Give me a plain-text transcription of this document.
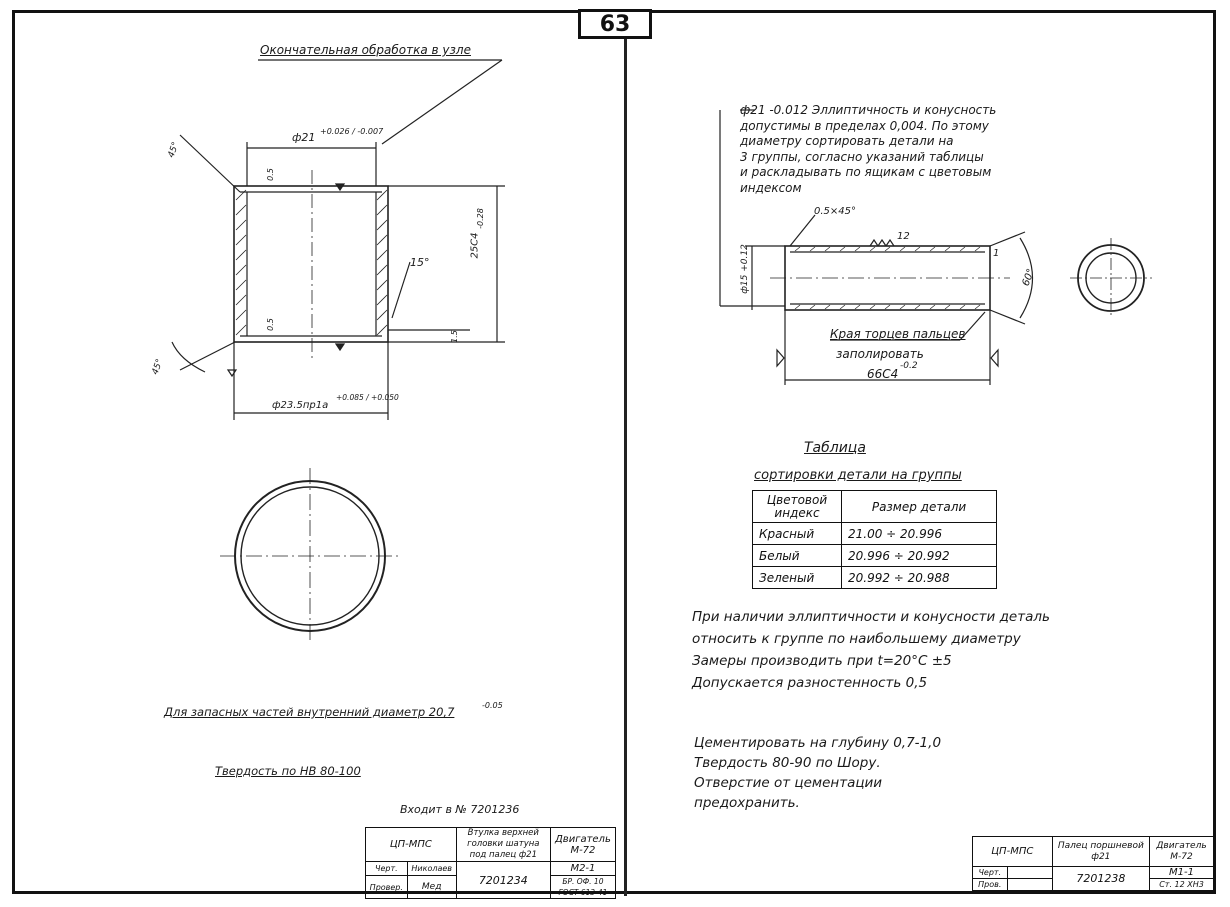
63
Окончательная обработка в узле
ф21 +0.026 / -0.007
45°
0.5
0.5
15°
25С4
-0.28
1.5
45°
ф23.5пр1а
+0.085 / +0.050
Для запасных частей внутренний диаметр 20,7	-0.05
Твердость по НВ 80-100
Входит в № 7201236
ЦП-МПС		Втулка верхней головки шатуна под палец ф21	Двигатель М-72
Черт.	Николаев	7201234	М2-1
Провер.	Мед		БР. ОФ. 10
ГОСТ 613-41
ф21 -0.012 Эллиптичность и конусность
допустимы в пределах 0,004. По этому
диаметру сортировать детали на
3 группы, согласно указаний таблицы
и раскладывать по ящикам с цветовым
индексом
0.5×45°
12
ф15 +0.12	60°
1
Края торцев пальцев
заполировать
66С4
-0.2
Таблица
сортировки детали на группы
Цветовой индекс	Размер детали
Красный	21.00 ÷ 20.996
Белый	20.996 ÷ 20.992
Зеленый	20.992 ÷ 20.988
При наличии эллиптичности и конусности деталь
относить к группе по наибольшему диаметру
Замеры производить при t=20°C ±5
Допускается разностенность 0,5
Цементировать на глубину 0,7-1,0
Твердость 80-90 по Шору.
Отверстие от цементации
предохранить.
ЦП-МПС		Палец поршневой ф21	Двигатель М-72
Черт.		7201238	М1-1
Пров.			Ст. 12 ХН3
